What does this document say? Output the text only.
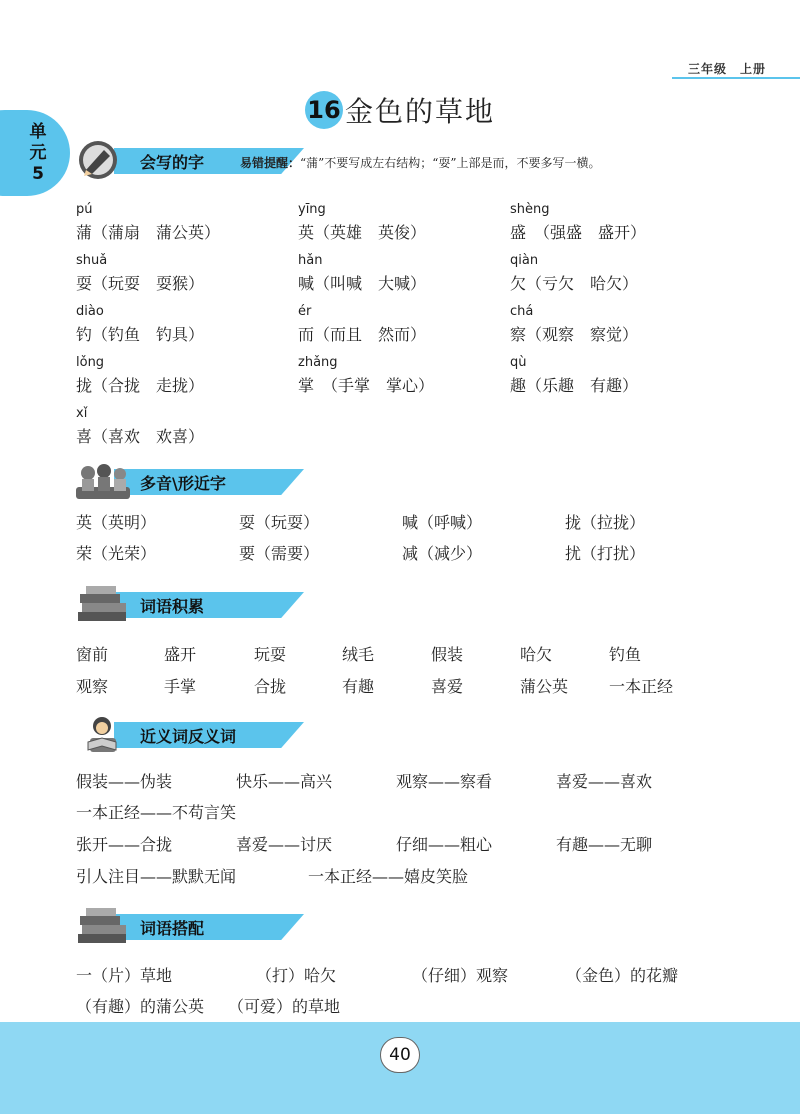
三年级　上册
16 金色的草地
单
元
5
会写的字	易错提醒：“蒲”不要写成左右结构；“耍”上部是而，不要多写一横。
pú
蒲（蒲扇　蒲公英）
yīng
英（英雄　英俊）
shèng
盛　（强盛　盛开）
shuǎ
耍（玩耍　耍猴）
hǎn
喊（叫喊　大喊）
qiàn
欠（亏欠　哈欠）
diào
钓（钓鱼　钓具）
ér
而（而且　然而）
chá
察（观察　察觉）
lǒng
拢（合拢　走拢）
zhǎng
掌　（手掌　掌心）
qù
趣（乐趣　有趣）
xǐ
喜（喜欢　欢喜）
多音\形近字
英（英明）	耍（玩耍）	喊（呼喊）	拢（拉拢）
荣（光荣）	要（需要）	减（减少）	扰（打扰）
词语积累
窗前	盛开	玩耍	绒毛	假装	哈欠	钓鱼
观察	手掌	合拢	有趣	喜爱	蒲公英	一本正经
近义词反义词
假装——伪装	快乐——高兴	观察——察看	喜爱——喜欢
一本正经——不苟言笑
张开——合拢	喜爱——讨厌	仔细——粗心	有趣——无聊
引人注目——默默无闻	一本正经——嬉皮笑脸
词语搭配
一（片）草地	（打）哈欠	（仔细）观察	（金色）的花瓣
（有趣）的蒲公英 （可爱）的草地
40
